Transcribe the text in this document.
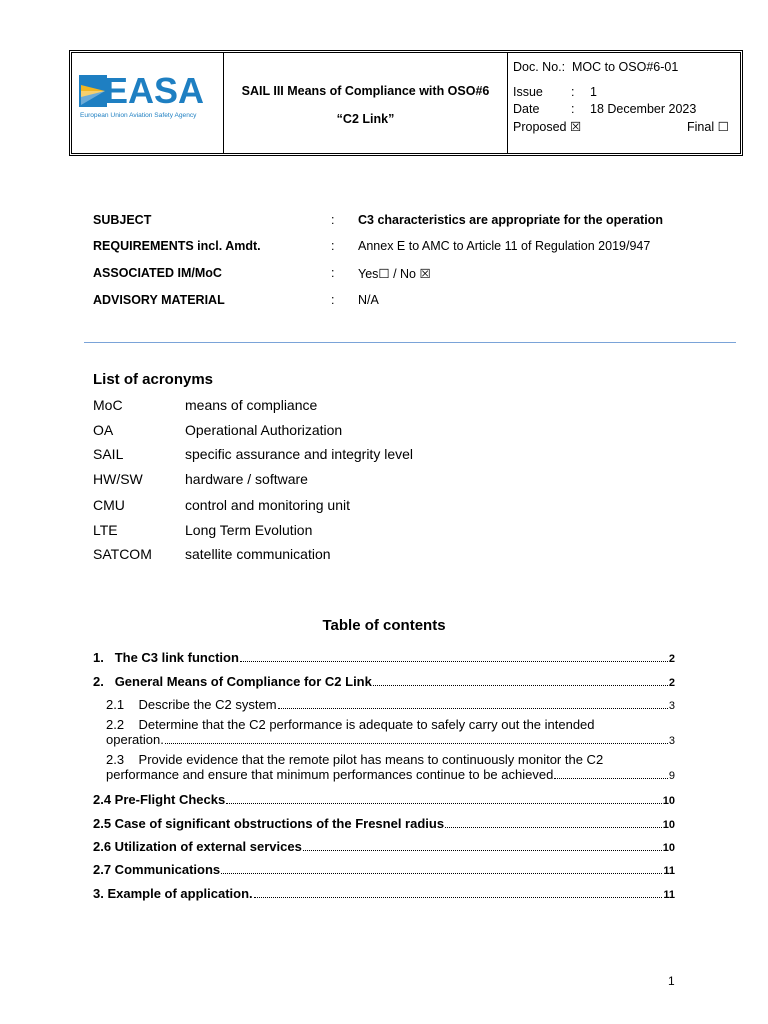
EASA
European Union Aviation Safety Agency
SAIL III Means of Compliance with OSO#6
“C2 Link”
Doc. No.: MOC to OSO#6-01
Issue : 1
Date	: 18 December 2023
Proposed ☒	Final ☐
SUBJECT	: C3 characteristics are appropriate for the operation
REQUIREMENTS incl. Amdt.	: Annex E to AMC to Article 11 of Regulation 2019/947
ASSOCIATED IM/MoC	: Yes☐ / No ☒
ADVISORY MATERIAL	: N/A
List of acronyms
MoC	means of compliance
OA	Operational Authorization
SAIL	specific assurance and integrity level
HW/SW	hardware / software
CMU	control and monitoring unit
LTE	Long Term Evolution
SATCOM satellite communication
Table of contents
1. The C3 link function	2
2. General Means of Compliance for C2 Link	2
2.1 Describe the C2 system	3
2.2 Determine that the C2 performance is adequate to safely carry out the intended
operation.	3
2.3 Provide evidence that the remote pilot has means to continuously monitor the C2
performance and ensure that minimum performances continue to be achieved	9
2.4 Pre-Flight Checks	10
2.5 Case of significant obstructions of the Fresnel radius	10
2.6 Utilization of external services	10
2.7 Communications	11
3. Example of application.	11
1
